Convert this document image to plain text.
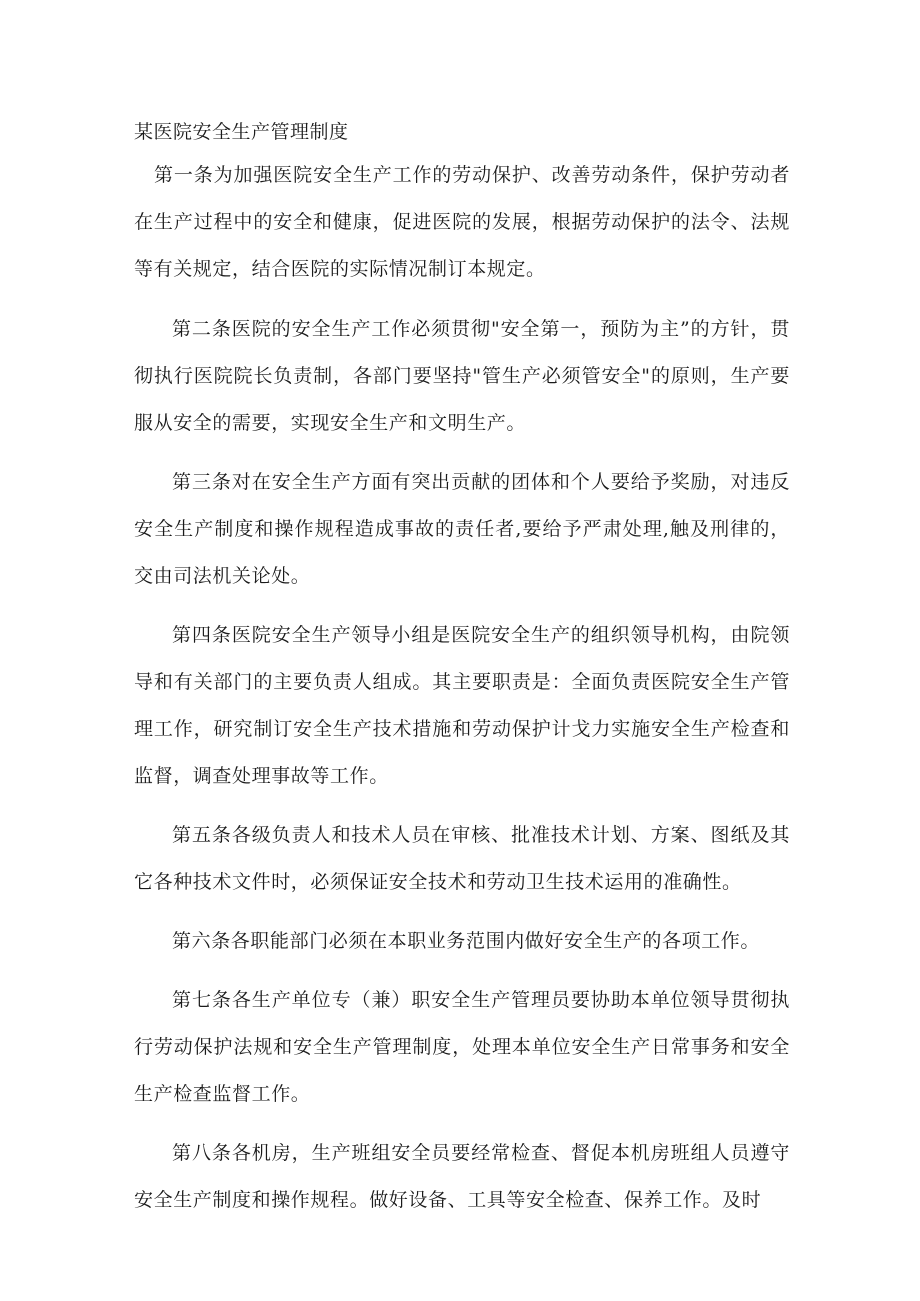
某医院安全生产管理制度

第一条为加强医院安全生产工作的劳动保护、改善劳动条件，保护劳动者在生产过程中的安全和健康，促进医院的发展，根据劳动保护的法令、法规等有关规定，结合医院的实际情况制订本规定。

第二条医院的安全生产工作必须贯彻"安全第一，预防为主”的方针，贯彻执行医院院长负责制，各部门要坚持"管生产必须管安全"的原则，生产要服从安全的需要，实现安全生产和文明生产。

第三条对在安全生产方面有突出贡献的团体和个人要给予奖励，对违反安全生产制度和操作规程造成事故的责任者,要给予严肃处理,触及刑律的，交由司法机关论处。

第四条医院安全生产领导小组是医院安全生产的组织领导机构，由院领导和有关部门的主要负责人组成。其主要职责是：全面负责医院安全生产管理工作，研究制订安全生产技术措施和劳动保护计戈力实施安全生产检查和监督，调查处理事故等工作。

第五条各级负责人和技术人员在审核、批准技术计划、方案、图纸及其它各种技术文件时，必须保证安全技术和劳动卫生技术运用的准确性。

第六条各职能部门必须在本职业务范围内做好安全生产的各项工作。

第七条各生产单位专（兼）职安全生产管理员要协助本单位领导贯彻执行劳动保护法规和安全生产管理制度，处理本单位安全生产日常事务和安全生产检查监督工作。

第八条各机房，生产班组安全员要经常检查、督促本机房班组人员遵守安全生产制度和操作规程。做好设备、工具等安全检查、保养工作。及时
